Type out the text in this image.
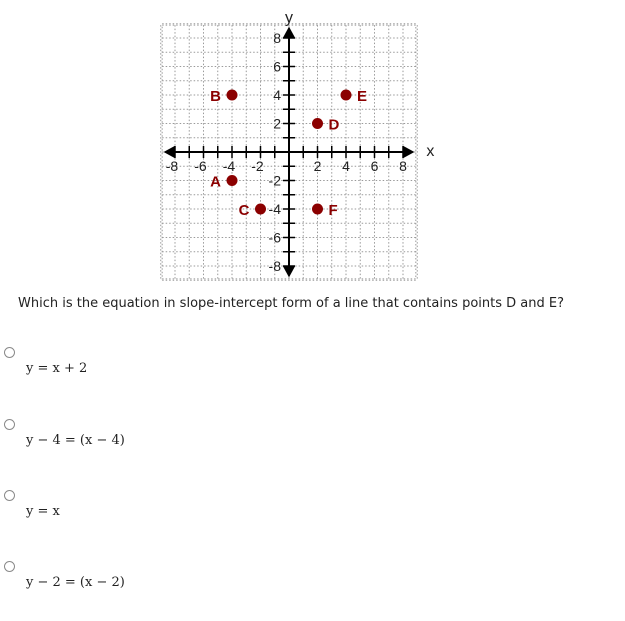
-8 -6 -4 -2	2 4 6 8
8
6
4
2
-2
-4
-6
-8
x
y
A
B
C
D
E
F
Which is the equation in slope-intercept form of a line that contains points D and E?
y = x + 2
y − 4 = (x − 4)
y = x
y − 2 = (x − 2)
